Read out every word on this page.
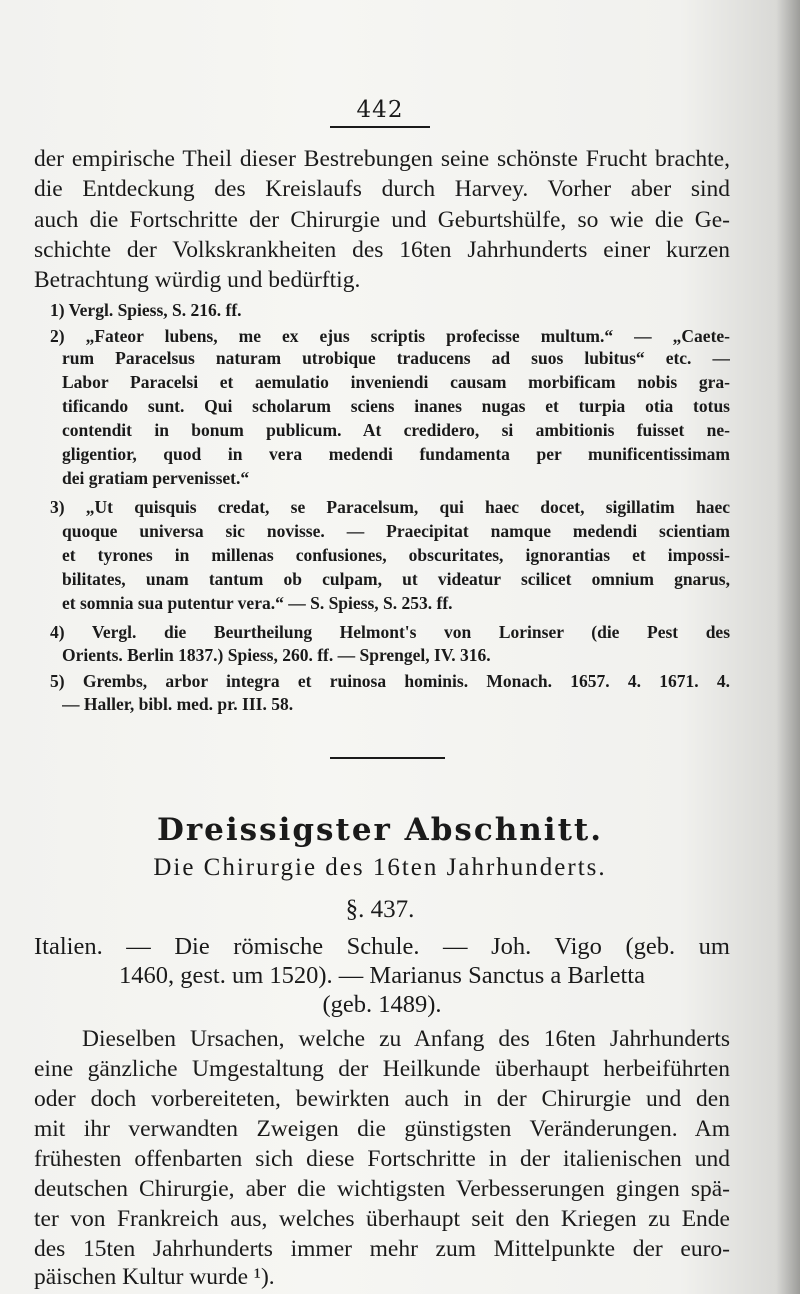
442
der empirische Theil dieser Bestrebungen seine schönste Frucht brachte,
die Entdeckung des Kreislaufs durch Harvey. Vorher aber sind
auch die Fortschritte der Chirurgie und Geburtshülfe, so wie die Ge-
schichte der Volkskrankheiten des 16ten Jahrhunderts einer kurzen
Betrachtung würdig und bedürftig.
1) Vergl. Spiess, S. 216. ff.
2) „Fateor lubens, me ex ejus scriptis profecisse multum.“ — „Caete-
rum Paracelsus naturam utrobique traducens ad suos lubitus“ etc. —
Labor Paracelsi et aemulatio inveniendi causam morbificam nobis gra-
tificando sunt. Qui scholarum sciens inanes nugas et turpia otia totus
contendit in bonum publicum. At credidero, si ambitionis fuisset ne-
gligentior, quod in vera medendi fundamenta per munificentissimam
dei gratiam pervenisset.“
3) „Ut quisquis credat, se Paracelsum, qui haec docet, sigillatim haec
quoque universa sic novisse. — Praecipitat namque medendi scientiam
et tyrones in millenas confusiones, obscuritates, ignorantias et impossi-
bilitates, unam tantum ob culpam, ut videatur scilicet omnium gnarus,
et somnia sua putentur vera.“ — S. Spiess, S. 253. ff.
4) Vergl. die Beurtheilung Helmont's von Lorinser (die Pest des
Orients. Berlin 1837.) Spiess, 260. ff. — Sprengel, IV. 316.
5) Grembs, arbor integra et ruinosa hominis. Monach. 1657. 4. 1671. 4.
— Haller, bibl. med. pr. III. 58.
Dreissigster Abschnitt.
Die Chirurgie des 16ten Jahrhunderts.
§. 437.
Italien. — Die römische Schule. — Joh. Vigo (geb. um
1460, gest. um 1520). — Marianus Sanctus a Barletta
(geb. 1489).
Dieselben Ursachen, welche zu Anfang des 16ten Jahrhunderts
eine gänzliche Umgestaltung der Heilkunde überhaupt herbeiführten
oder doch vorbereiteten, bewirkten auch in der Chirurgie und den
mit ihr verwandten Zweigen die günstigsten Veränderungen. Am
frühesten offenbarten sich diese Fortschritte in der italienischen und
deutschen Chirurgie, aber die wichtigsten Verbesserungen gingen spä-
ter von Frankreich aus, welches überhaupt seit den Kriegen zu Ende
des 15ten Jahrhunderts immer mehr zum Mittelpunkte der euro-
päischen Kultur wurde ¹).
